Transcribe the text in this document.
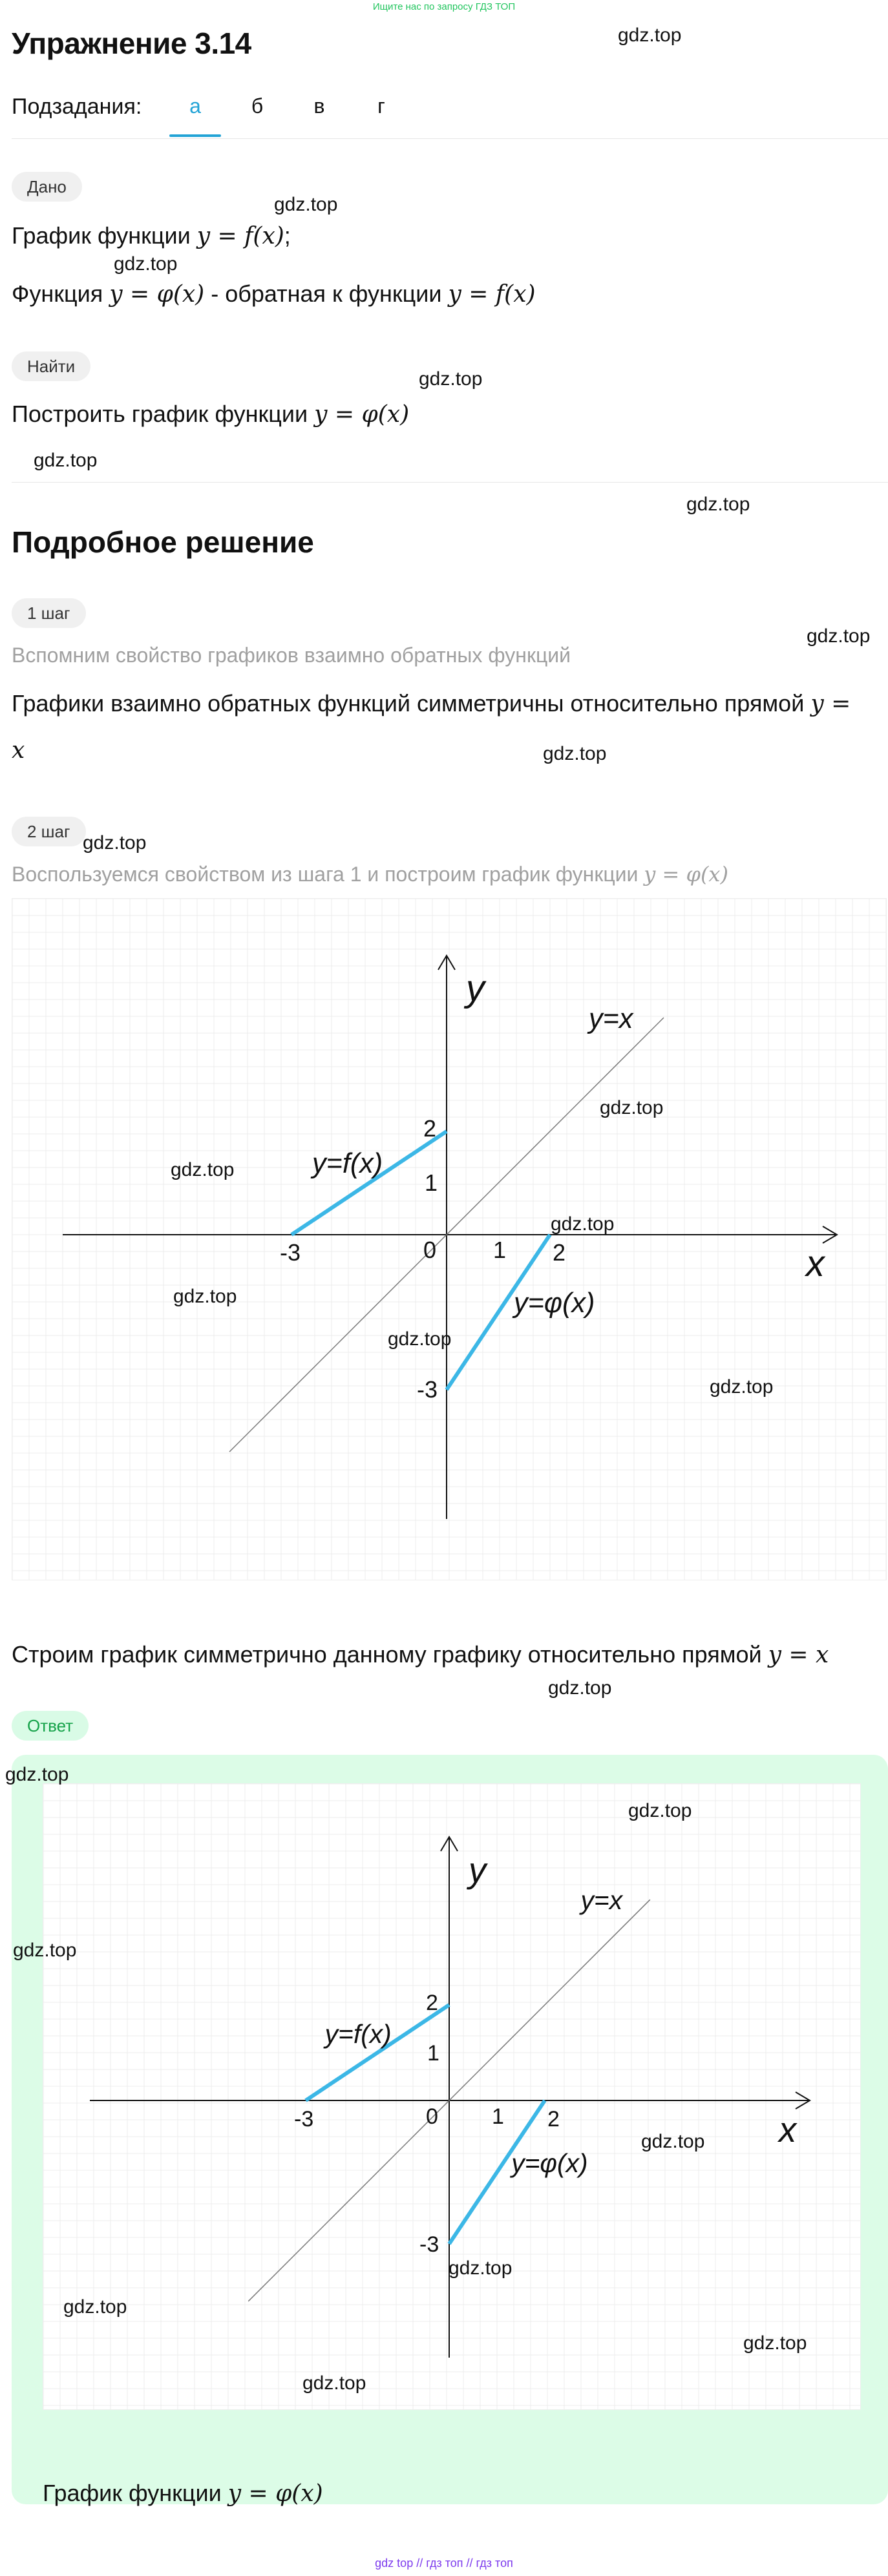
Ищите нас по запросу ГДЗ ТОП
Упражнение 3.14
Подзадания:	а	б	в	г
Дано
График функции y = f(x);
Функция y = φ(x) - обратная к функции y = f(x)
Найти
Построить график функции y = φ(x)
Подробное решение
1 шаг
Вспомним свойство графиков взаимно обратных функций
Графики взаимно обратных функций симметричны относительно прямой y =
x
2 шаг
Воспользуемся свойством из шага 1 и построим график функции y = φ(x)
y
x
y=x
y=f(x)
y=φ(x)
2
1
0 1 2
-3
-3
Строим график симметрично данному графику относительно прямой y = x
Ответ
y
x
y=x
y=f(x)
y=φ(x)
2
1
0 1 2
-3
-3
График функции y = φ(x)
gdz.top
gdz.top
gdz.top
gdz.top
gdz.top
gdz.top
gdz.top
gdz.top
gdz.top
gdz.top
gdz.top
gdz.top
gdz.top
gdz.top
gdz.top
gdz.top
gdz.top
gdz.top
gdz.top
gdz.top
gdz.top
gdz.top
gdz.top
gdz.top
gdz top // гдз топ // гдз топ
